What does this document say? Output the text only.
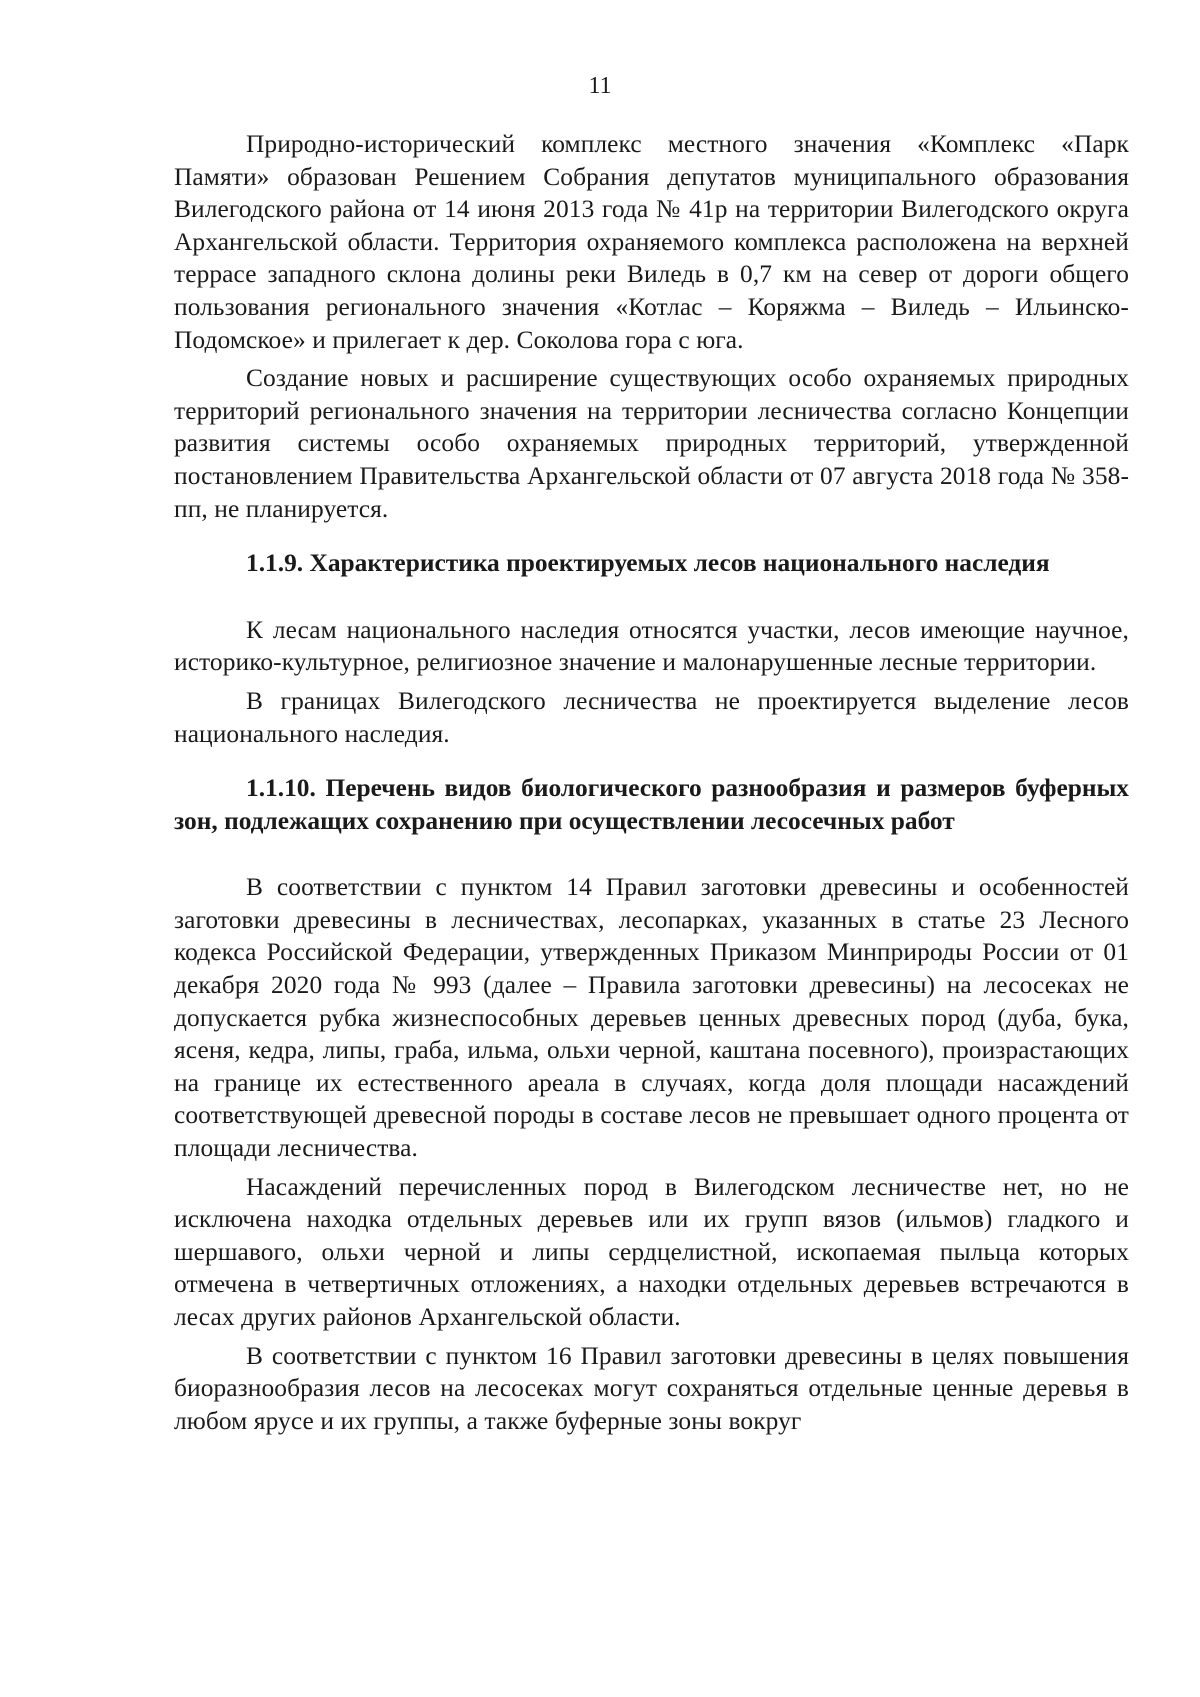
11

Природно-исторический комплекс местного значения «Комплекс «Парк Памяти» образован Решением Собрания депутатов муниципального образования Вилегодского района от 14 июня 2013 года № 41р на территории Вилегодского округа Архангельской области. Территория охраняемого комплекса расположена на верхней террасе западного склона долины реки Виледь в 0,7 км на север от дороги общего пользования регионального значения «Котлас – Коряжма – Виледь – Ильинско-Подомское» и прилегает к дер. Соколова гора с юга.

Создание новых и расширение существующих особо охраняемых природных территорий регионального значения на территории лесничества согласно Концепции развития системы особо охраняемых природных территорий, утвержденной постановлением Правительства Архангельской области от 07 августа 2018 года № 358-пп, не планируется.

1.1.9. Характеристика проектируемых лесов национального наследия

К лесам национального наследия относятся участки, лесов имеющие научное, историко-культурное, религиозное значение и малонарушенные лесные территории.

В границах Вилегодского лесничества не проектируется выделение лесов национального наследия.

1.1.10. Перечень видов биологического разнообразия и размеров буферных зон, подлежащих сохранению при осуществлении лесосечных работ

В соответствии с пунктом 14 Правил заготовки древесины и особенностей заготовки древесины в лесничествах, лесопарках, указанных в статье 23 Лесного кодекса Российской Федерации, утвержденных Приказом Минприроды России от 01 декабря 2020 года № 993 (далее – Правила заготовки древесины) на лесосеках не допускается рубка жизнеспособных деревьев ценных древесных пород (дуба, бука, ясеня, кедра, липы, граба, ильма, ольхи черной, каштана посевного), произрастающих на границе их естественного ареала в случаях, когда доля площади насаждений соответствующей древесной породы в составе лесов не превышает одного процента от площади лесничества.

Насаждений перечисленных пород в Вилегодском лесничестве нет, но не исключена находка отдельных деревьев или их групп вязов (ильмов) гладкого и шершавого, ольхи черной и липы сердцелистной, ископаемая пыльца которых отмечена в четвертичных отложениях, а находки отдельных деревьев встречаются в лесах других районов Архангельской области.

В соответствии с пунктом 16 Правил заготовки древесины в целях повышения биоразнообразия лесов на лесосеках могут сохраняться отдельные ценные деревья в любом ярусе и их группы, а также буферные зоны вокруг
